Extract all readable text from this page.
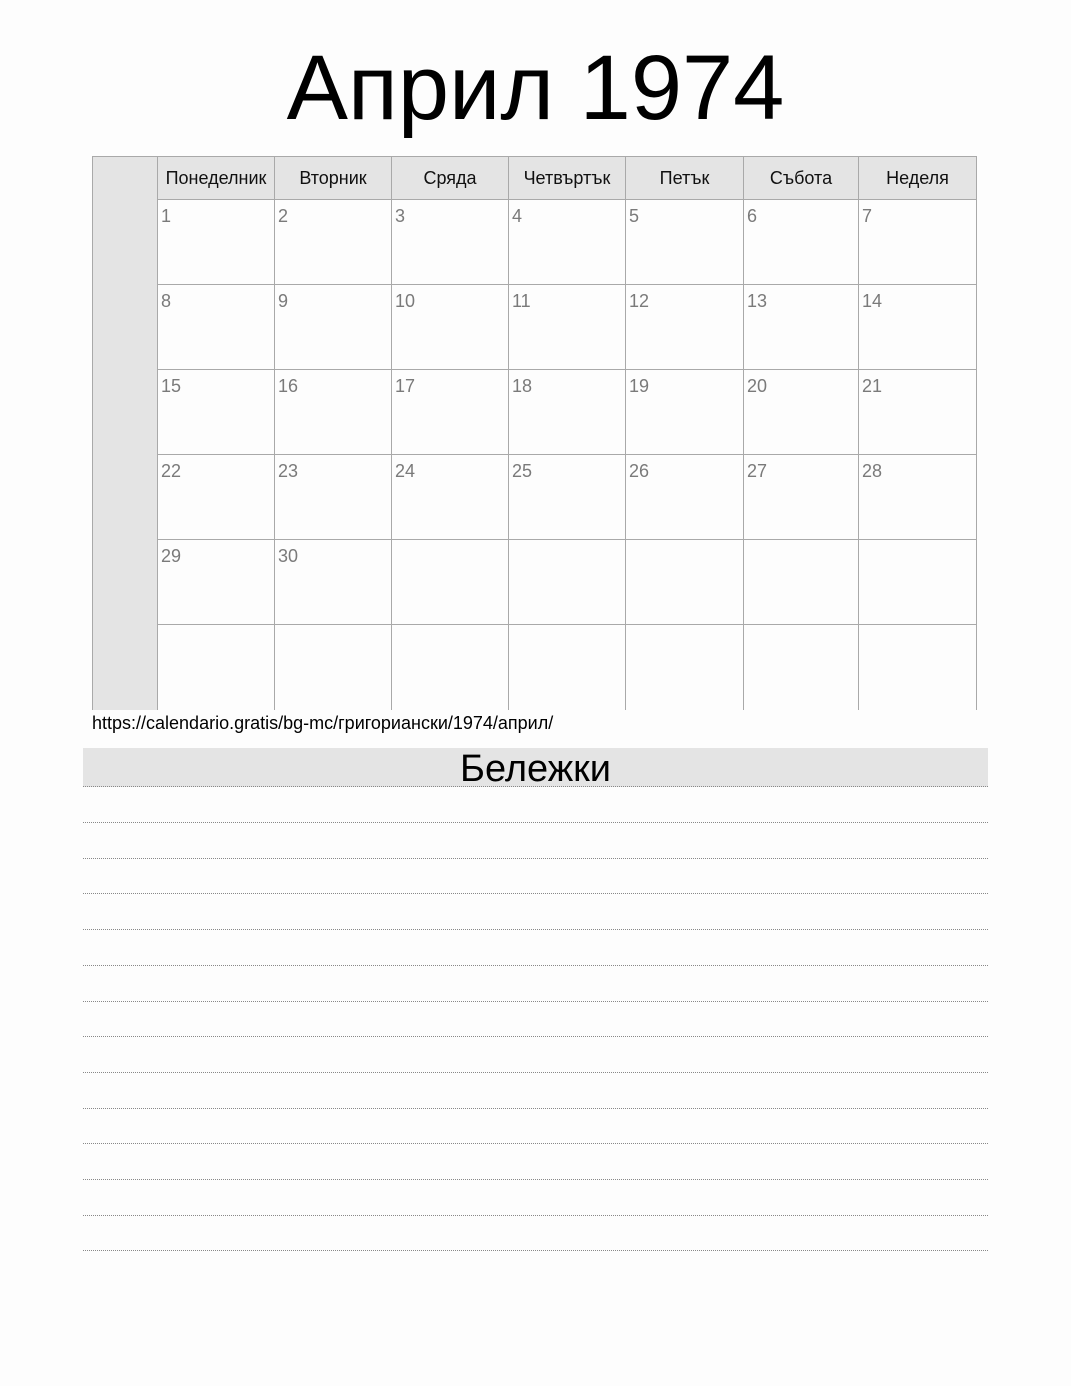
Април 1974
Понеделник	Вторник	Сряда	Четвъртък	Петък	Събота	Неделя
1	2	3	4	5	6	7
8	9	10	11	12	13	14
15	16	17	18	19	20	21
22	23	24	25	26	27	28
29	30
https://calendario.gratis/bg-mc/григориански/1974/април/
Бележки
